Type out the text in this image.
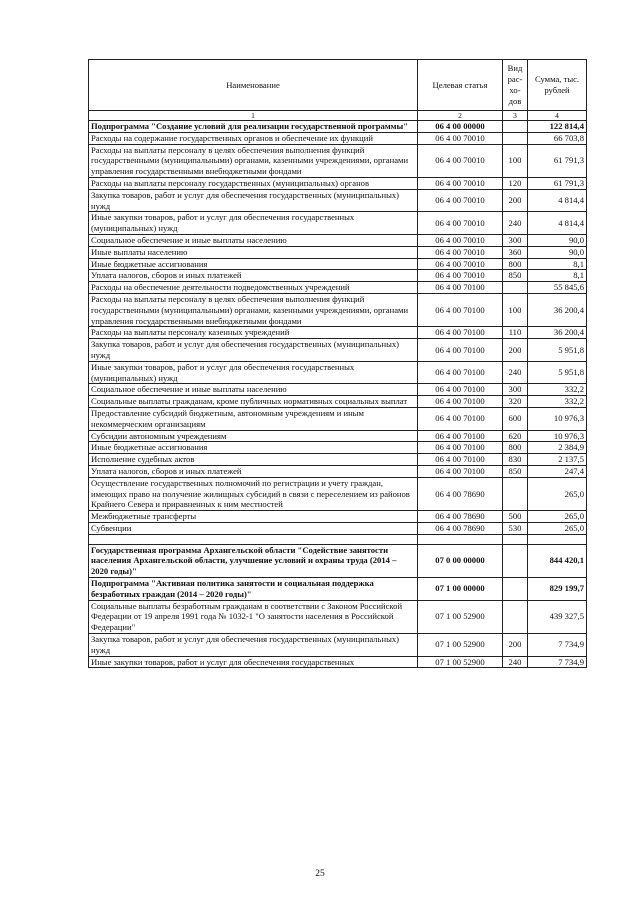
Наименование	Целевая статья	Вид рас-хо-дов	Сумма, тыс. рублей
1	2	3	4
Подпрограмма "Создание условий для реализации государственной программы"	06 4 00 00000		122 814,4
Расходы на содержание государственных органов и обеспечение их функций	06 4 00 70010		66 703,8
Расходы на выплаты персоналу в целях обеспечения выполнения функций государственными (муниципальными) органами, казенными учреждениями, органами управления государственными внебюджетными фондами	06 4 00 70010	100	61 791,3
Расходы на выплаты персоналу государственных (муниципальных) органов	06 4 00 70010	120	61 791,3
Закупка товаров, работ и услуг для обеспечения государственных (муниципальных) нужд	06 4 00 70010	200	4 814,4
Иные закупки товаров, работ и услуг для обеспечения государственных (муниципальных) нужд	06 4 00 70010	240	4 814,4
Социальное обеспечение и иные выплаты населению	06 4 00 70010	300	90,0
Иные выплаты населению	06 4 00 70010	360	90,0
Иные бюджетные ассигнования	06 4 00 70010	800	8,1
Уплата налогов, сборов и иных платежей	06 4 00 70010	850	8,1
Расходы на обеспечение деятельности подведомственных учреждений	06 4 00 70100		55 845,6
Расходы на выплаты персоналу в целях обеспечения выполнения функций государственными (муниципальными) органами, казенными учреждениями, органами управления государственными внебюджетными фондами	06 4 00 70100	100	36 200,4
Расходы на выплаты персоналу казенных учреждений	06 4 00 70100	110	36 200,4
Закупка товаров, работ и услуг для обеспечения государственных (муниципальных) нужд	06 4 00 70100	200	5 951,8
Иные закупки товаров, работ и услуг для обеспечения государственных (муниципальных) нужд	06 4 00 70100	240	5 951,8
Социальное обеспечение и иные выплаты населению	06 4 00 70100	300	332,2
Социальные выплаты гражданам, кроме публичных нормативных социальных выплат	06 4 00 70100	320	332,2
Предоставление субсидий бюджетным, автономным учреждениям и иным некоммерческим организациям	06 4 00 70100	600	10 976,3
Субсидии автономным учреждениям	06 4 00 70100	620	10 976,3
Иные бюджетные ассигнования	06 4 00 70100	800	2 384,9
Исполнение судебных актов	06 4 00 70100	830	2 137,5
Уплата налогов, сборов и иных платежей	06 4 00 70100	850	247,4
Осуществление государственных полномочий по регистрации и учету граждан, имеющих право на получение жилищных субсидий в связи с переселением из районов Крайнего Севера и приравненных к ним местностей	06 4 00 78690		265,0
Межбюджетные трансферты	06 4 00 78690	500	265,0
Субвенции	06 4 00 78690	530	265,0

Государственная программа Архангельской области "Содействие занятости населения Архангельской области, улучшение условий и охраны труда (2014 – 2020 годы)"	07 0 00 00000		844 420,1
Подпрограмма "Активная политика занятости и социальная поддержка безработных граждан (2014 – 2020 годы)"	07 1 00 00000		829 199,7
Социальные выплаты безработным гражданам в соответствии с Законом Российской Федерации от 19 апреля 1991 года № 1032-1 "О занятости населения в Российской Федерации"	07 1 00 52900		439 327,5
Закупка товаров, работ и услуг для обеспечения государственных (муниципальных) нужд	07 1 00 52900	200	7 734,9
Иные закупки товаров, работ и услуг для обеспечения государственных	07 1 00 52900	240	7 734,9
25
